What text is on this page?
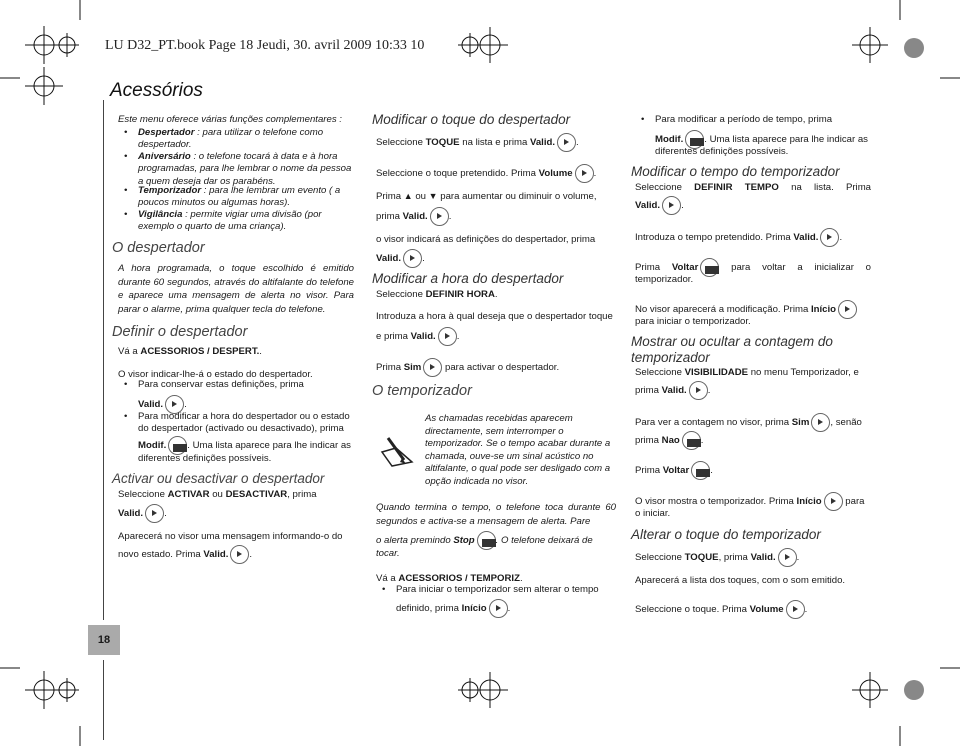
LU D32_PT.book Page 18 Jeudi, 30. avril 2009 10:33 10
Acessórios
18
Este menu oferece várias funções complementares :
• Despertador : para utilizar o telefone como despertador.
• Aniversário : o telefone tocará à data e à hora programadas, para lhe lembrar o nome da pessoa a quem deseja dar os parabéns.
• Temporizador : para lhe lembrar um evento ( a poucos minutos ou algumas horas).
• Vigilância : permite vigiar uma divisão (por exemplo o quarto de uma criança).
O despertador
A hora programada, o toque escolhido é emitido durante 60 segundos, através do altifalante do telefone e aparece uma mensagem de alerta no visor. Para parar o alarme, prima qualquer tecla do telefone.
Definir o despertador
Vá a ACESSORIOS / DESPERT..
O visor indicar-lhe-á o estado do despertador.
• Para conservar estas definições, prima
Valid. .
• Para modificar a hora do despertador ou o estado do despertador (activado ou desactivado), prima
Modif. . Uma lista aparece para lhe indicar as
diferentes definições possíveis.
Activar ou desactivar o despertador
Seleccione ACTIVAR ou DESACTIVAR, prima
Valid. .
Aparecerá no visor uma mensagem informando-o do
novo estado. Prima Valid. .
Modificar o toque do despertador
Seleccione TOQUE na lista e prima Valid. .
Seleccione o toque pretendido. Prima Volume .
Prima ▲ ou ▼ para aumentar ou diminuir o volume,
prima Valid. .
o visor indicará as definições do despertador, prima
Valid. .
Modificar a hora do despertador
Seleccione DEFINIR HORA.
Introduza a hora à qual deseja que o despertador toque
e prima Valid. .
Prima Sim para activar o despertador.
O temporizador
As chamadas recebidas aparecem directamente, sem interromper o temporizador. Se o tempo acabar durante a chamada, ouve-se um sinal acústico no altifalante, o qual pode ser desligado com a opção indicada no visor.
Quando termina o tempo, o telefone toca durante 60 segundos e activa-se a mensagem de alerta. Pare
o alerta premindo Stop . O telefone deixará de
tocar.
Vá a ACESSORIOS / TEMPORIZ.
• Para iniciar o temporizador sem alterar o tempo
definido, prima Início .
• Para modificar a período de tempo, prima
Modif. . Uma lista aparece para lhe indicar as
diferentes definições possíveis.
Modificar o tempo do temporizador
Seleccione DEFINIR TEMPO na lista. Prima
Valid. .
Introduza o tempo pretendido. Prima Valid. .
Prima Voltar	para voltar a inicializar o
temporizador.
No visor aparecerá a modificação. Prima Início
para iniciar o temporizador.
Mostrar ou ocultar a contagem do temporizador
Seleccione VISIBILIDADE no menu Temporizador, e
prima Valid. .
Para ver a contagem no visor, prima Sim , senão
prima Nao .
Prima Voltar .
O visor mostra o temporizador. Prima Início para
o iniciar.
Alterar o toque do temporizador
Seleccione TOQUE, prima Valid. .
Aparecerá a lista dos toques, com o som emitido.
Seleccione o toque. Prima Volume .
